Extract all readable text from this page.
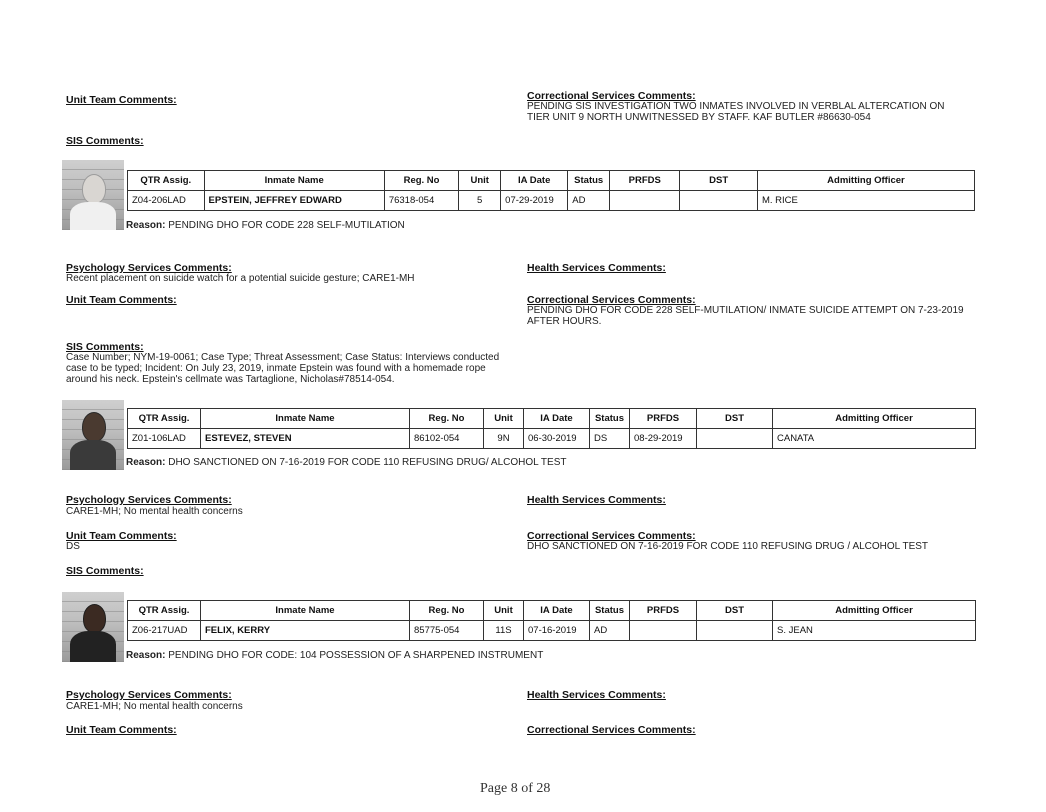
Unit Team Comments:	Correctional Services Comments:
PENDING SIS INVESTIGATION TWO INMATES INVOLVED IN VERBLAL ALTERCATION ON TIER UNIT 9 NORTH UNWITNESSED BY STAFF. KAF BUTLER #86630-054
SIS Comments:
QTR Assig.	Inmate Name	Reg. No	Unit	IA Date	Status	PRFDS	DST	Admitting Officer
Z04-206LAD	EPSTEIN, JEFFREY EDWARD	76318-054	5	07-29-2019	AD			M. RICE
Reason: PENDING DHO FOR CODE 228 SELF-MUTILATION
Psychology Services Comments:
Recent placement on suicide watch for a potential suicide gesture; CARE1-MH
Health Services Comments:
Unit Team Comments:	Correctional Services Comments:
PENDING DHO FOR CODE 228 SELF-MUTILATION/ INMATE SUICIDE ATTEMPT ON 7-23-2019 AFTER HOURS.
SIS Comments:
Case Number; NYM-19-0061; Case Type; Threat Assessment; Case Status: Interviews conducted case to be typed; Incident: On July 23, 2019, inmate Epstein was found with a homemade rope around his neck. Epstein's cellmate was Tartaglione, Nicholas#78514-054.
QTR Assig.	Inmate Name	Reg. No	Unit	IA Date	Status	PRFDS	DST	Admitting Officer
Z01-106LAD	ESTEVEZ, STEVEN	86102-054	9N	06-30-2019	DS	08-29-2019		CANATA
Reason: DHO SANCTIONED ON 7-16-2019 FOR CODE 110 REFUSING DRUG/ ALCOHOL TEST
Psychology Services Comments:
CARE1-MH; No mental health concerns
Health Services Comments:
Unit Team Comments:
DS
Correctional Services Comments:
DHO SANCTIONED ON 7-16-2019 FOR CODE 110 REFUSING DRUG / ALCOHOL TEST
SIS Comments:
QTR Assig.	Inmate Name	Reg. No	Unit	IA Date	Status	PRFDS	DST	Admitting Officer
Z06-217UAD	FELIX, KERRY	85775-054	11S	07-16-2019	AD			S. JEAN
Reason: PENDING DHO FOR CODE: 104 POSSESSION OF A SHARPENED INSTRUMENT
Psychology Services Comments:
CARE1-MH; No mental health concerns
Health Services Comments:
Unit Team Comments:	Correctional Services Comments:
Page 8 of 28
